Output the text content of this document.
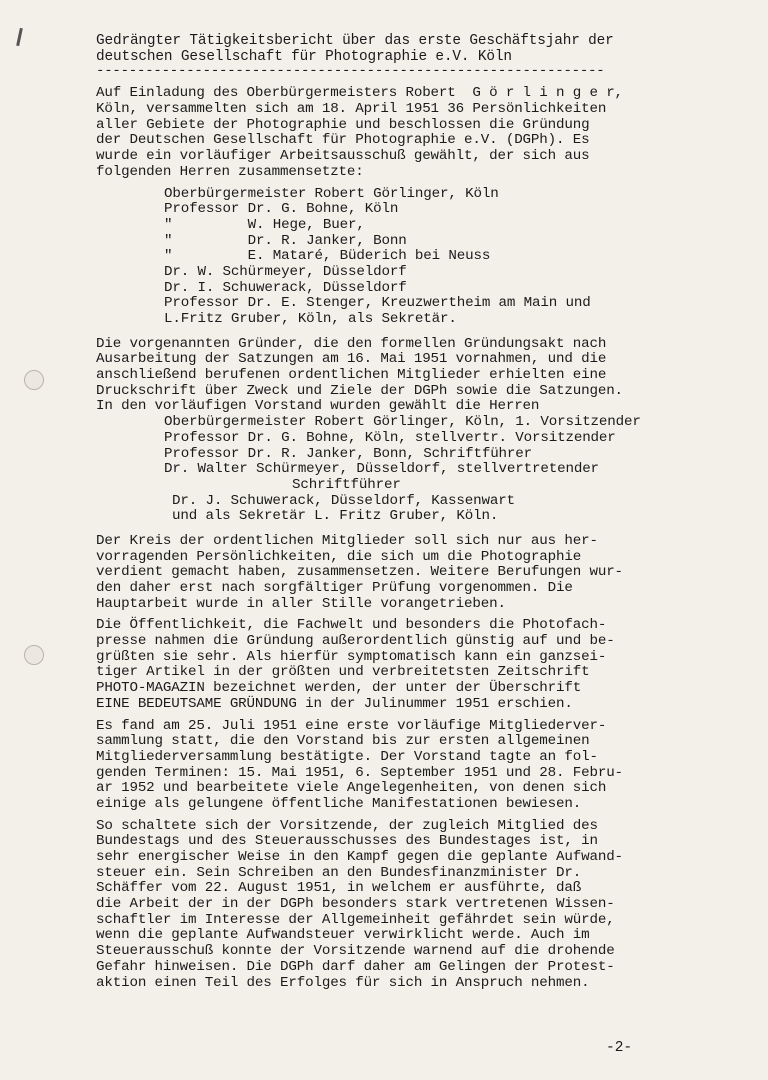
Gedrängter Tätigkeitsbericht über das erste Geschäftsjahr der
deutschen Gesellschaft für Photographie e.V. Köln
--------------------------------------------------------------
Auf Einladung des Oberbürgermeisters Robert  G ö r l i n g e r,
Köln, versammelten sich am 18. April 1951 36 Persönlichkeiten
aller Gebiete der Photographie und beschlossen die Gründung
der Deutschen Gesellschaft für Photographie e.V. (DGPh). Es
wurde ein vorläufiger Arbeitsausschuß gewählt, der sich aus
folgenden Herren zusammensetzte:
Oberbürgermeister Robert Görlinger, Köln
Professor Dr. G. Bohne, Köln
"         W. Hege, Buer,
"         Dr. R. Janker, Bonn
"         E. Mataré, Büderich bei Neuss
Dr. W. Schürmeyer, Düsseldorf
Dr. I. Schuwerack, Düsseldorf
Professor Dr. E. Stenger, Kreuzwertheim am Main und
L.Fritz Gruber, Köln, als Sekretär.
Die vorgenannten Gründer, die den formellen Gründungsakt nach
Ausarbeitung der Satzungen am 16. Mai 1951 vornahmen, und die
anschließend berufenen ordentlichen Mitglieder erhielten eine
Druckschrift über Zweck und Ziele der DGPh sowie die Satzungen.
In den vorläufigen Vorstand wurden gewählt die Herren
Oberbürgermeister Robert Görlinger, Köln, 1. Vorsitzender
Professor Dr. G. Bohne, Köln, stellvertr. Vorsitzender
Professor Dr. R. Janker, Bonn, Schriftführer
Dr. Walter Schürmeyer, Düsseldorf, stellvertretender
Schriftführer
Dr. J. Schuwerack, Düsseldorf, Kassenwart
und als Sekretär L. Fritz Gruber, Köln.
Der Kreis der ordentlichen Mitglieder soll sich nur aus her-
vorragenden Persönlichkeiten, die sich um die Photographie
verdient gemacht haben, zusammensetzen. Weitere Berufungen wur-
den daher erst nach sorgfältiger Prüfung vorgenommen. Die
Hauptarbeit wurde in aller Stille vorangetrieben.
Die Öffentlichkeit, die Fachwelt und besonders die Photofach-
presse nahmen die Gründung außerordentlich günstig auf und be-
grüßten sie sehr. Als hierfür symptomatisch kann ein ganzsei-
tiger Artikel in der größten und verbreitetsten Zeitschrift
PHOTO-MAGAZIN bezeichnet werden, der unter der Überschrift
EINE BEDEUTSAME GRÜNDUNG in der Julinummer 1951 erschien.
Es fand am 25. Juli 1951 eine erste vorläufige Mitgliederver-
sammlung statt, die den Vorstand bis zur ersten allgemeinen
Mitgliederversammlung bestätigte. Der Vorstand tagte an fol-
genden Terminen: 15. Mai 1951, 6. September 1951 und 28. Febru-
ar 1952 und bearbeitete viele Angelegenheiten, von denen sich
einige als gelungene öffentliche Manifestationen bewiesen.
So schaltete sich der Vorsitzende, der zugleich Mitglied des
Bundestags und des Steuerausschusses des Bundestages ist, in
sehr energischer Weise in den Kampf gegen die geplante Aufwand-
steuer ein. Sein Schreiben an den Bundesfinanzminister Dr.
Schäffer vom 22. August 1951, in welchem er ausführte, daß
die Arbeit der in der DGPh besonders stark vertretenen Wissen-
schaftler im Interesse der Allgemeinheit gefährdet sein würde,
wenn die geplante Aufwandsteuer verwirklicht werde. Auch im
Steuerausschuß konnte der Vorsitzende warnend auf die drohende
Gefahr hinweisen. Die DGPh darf daher am Gelingen der Protest-
aktion einen Teil des Erfolges für sich in Anspruch nehmen.
-2-
